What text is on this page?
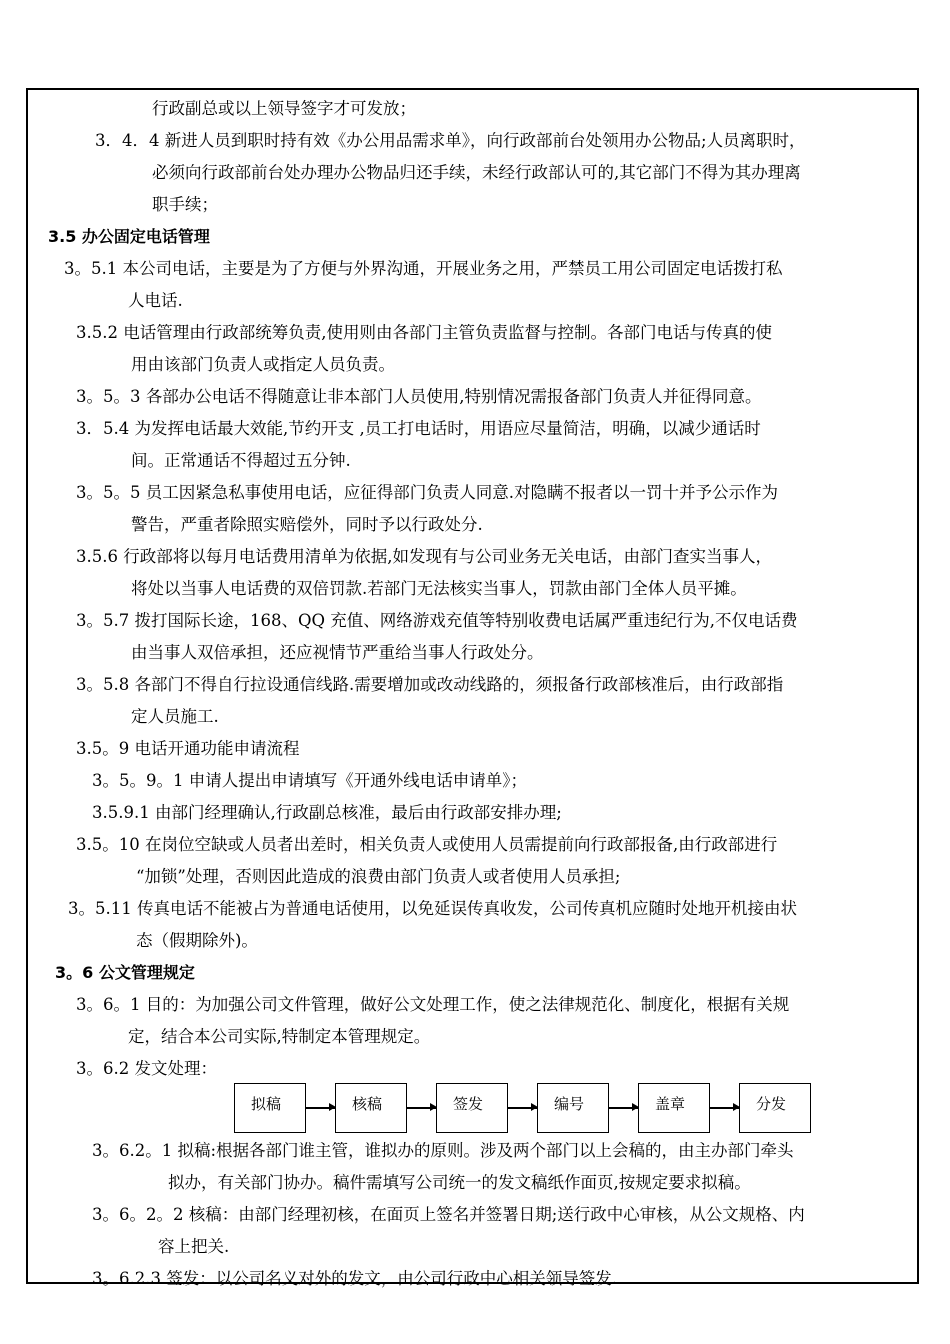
行政副总或以上领导签字才可发放；
3．4．4 新进人员到职时持有效《办公用品需求单》，向行政部前台处领用办公物品;人员离职时，
必须向行政部前台处办理办公物品归还手续，未经行政部认可的,其它部门不得为其办理离
职手续；
3.5 办公固定电话管理
3。5.1 本公司电话，主要是为了方便与外界沟通，开展业务之用，严禁员工用公司固定电话拨打私
人电话.
3.5.2 电话管理由行政部统筹负责,使用则由各部门主管负责监督与控制。各部门电话与传真的使
用由该部门负责人或指定人员负责。
3。5。3 各部办公电话不得随意让非本部门人员使用,特别情况需报备部门负责人并征得同意。
3．5.4 为发挥电话最大效能,节约开支 ,员工打电话时，用语应尽量简洁，明确，以减少通话时
间。正常通话不得超过五分钟.
3。5。5 员工因紧急私事使用电话，应征得部门负责人同意.对隐瞒不报者以一罚十并予公示作为
警告，严重者除照实赔偿外，同时予以行政处分.
3.5.6 行政部将以每月电话费用清单为依据,如发现有与公司业务无关电话，由部门查实当事人，
将处以当事人电话费的双倍罚款.若部门无法核实当事人，罚款由部门全体人员平摊。
3。5.7 拨打国际长途，168、QQ 充值、网络游戏充值等特别收费电话属严重违纪行为,不仅电话费
由当事人双倍承担，还应视情节严重给当事人行政处分。
3。5.8 各部门不得自行拉设通信线路.需要增加或改动线路的，须报备行政部核准后，由行政部指
定人员施工.
3.5。9 电话开通功能申请流程
3。5。9。1 申请人提出申请填写《开通外线电话申请单》；
3.5.9.1 由部门经理确认,行政副总核准，最后由行政部安排办理;
3.5。10 在岗位空缺或人员者出差时，相关负责人或使用人员需提前向行政部报备,由行政部进行
“加锁”处理，否则因此造成的浪费由部门负责人或者使用人员承担;
3。5.11 传真电话不能被占为普通电话使用，以免延误传真收发，公司传真机应随时处地开机接由状
态（假期除外)。
3。6 公文管理规定
3。6。1 目的：为加强公司文件管理，做好公文处理工作，使之法律规范化、制度化，根据有关规
定，结合本公司实际,特制定本管理规定。
3。6.2 发文处理：
拟稿	核稿	签发	编号	盖章	分发
3。6.2。1 拟稿:根据各部门谁主管，谁拟办的原则。涉及两个部门以上会稿的，由主办部门牵头
拟办，有关部门协办。稿件需填写公司统一的发文稿纸作面页,按规定要求拟稿。
3。6。2。2 核稿：由部门经理初核，在面页上签名并签署日期;送行政中心审核，从公文规格、内
容上把关.
3。6.2.3 签发：以公司名义对外的发文，由公司行政中心相关领导签发.
